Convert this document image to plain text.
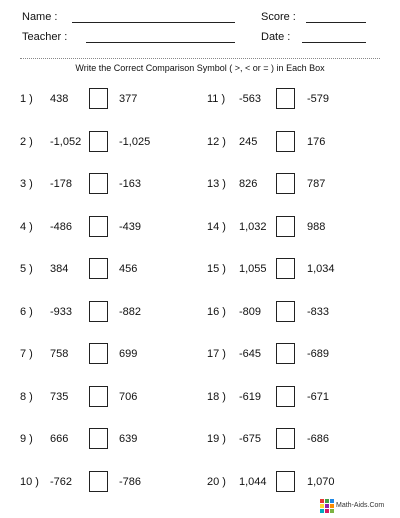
Name :	Score :
Teacher :	Date :
Write the Correct Comparison Symbol ( >, < or = ) in Each Box
1 ) 438	377
2 ) -1,052	-1,025
3 ) -178	-163
4 ) -486	-439
5 ) 384	456
6 ) -933	-882
7 ) 758	699
8 ) 735	706
9 ) 666	639
10 ) -762	-786
11 ) -563	-579
12 ) 245	176
13 ) 826	787
14 ) 1,032	988
15 ) 1,055	1,034
16 ) -809	-833
17 ) -645	-689
18 ) -619	-671
19 ) -675	-686
20 ) 1,044	1,070
Math-Aids.Com
